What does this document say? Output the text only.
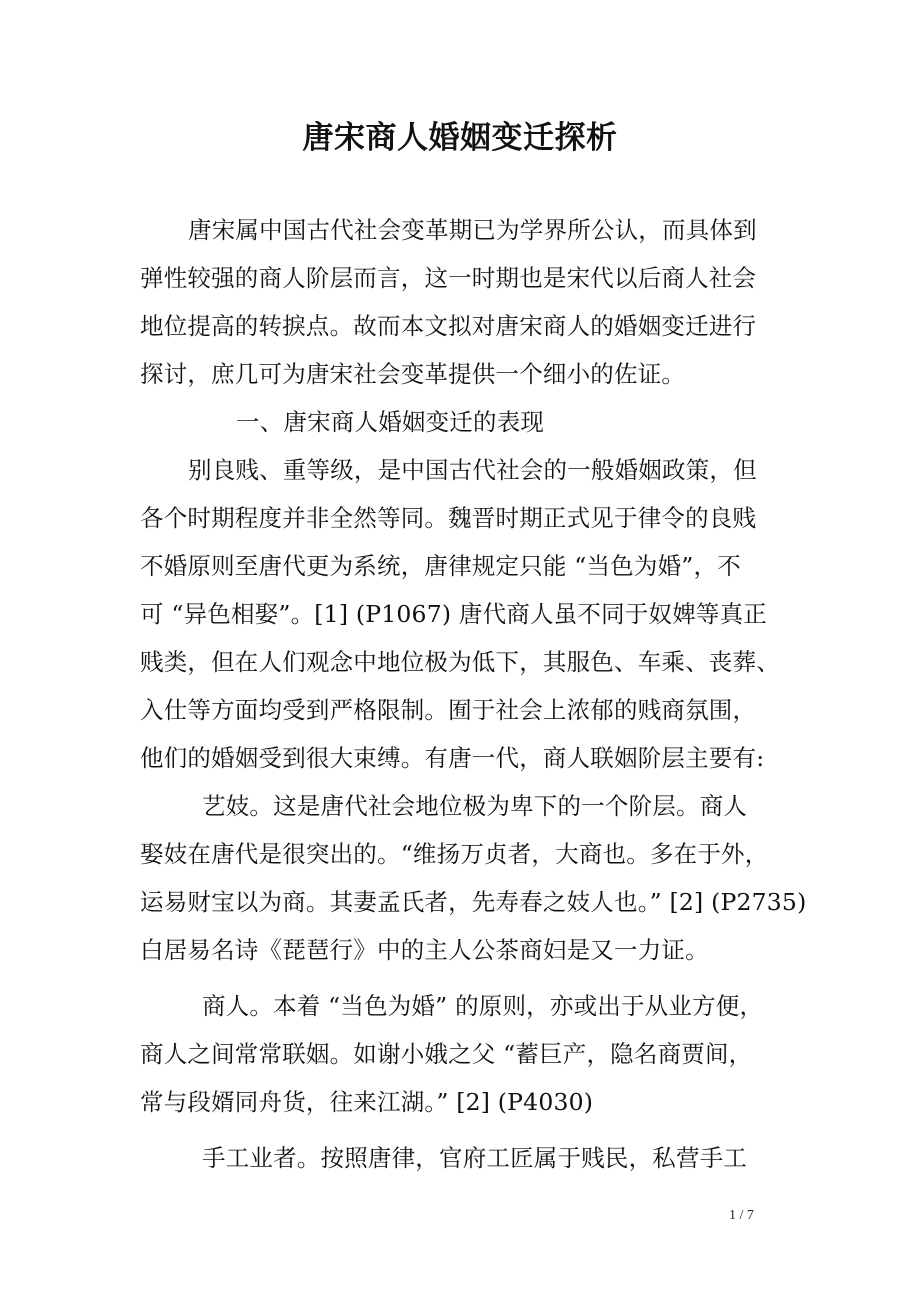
唐宋商人婚姻变迁探析
唐宋属中国古代社会变革期已为学界所公认，而具体到
弹性较强的商人阶层而言，这一时期也是宋代以后商人社会
地位提高的转捩点。故而本文拟对唐宋商人的婚姻变迁进行
探讨，庶几可为唐宋社会变革提供一个细小的佐证。
一、唐宋商人婚姻变迁的表现
别良贱、重等级，是中国古代社会的一般婚姻政策，但
各个时期程度并非全然等同。魏晋时期正式见于律令的良贱
不婚原则至唐代更为系统，唐律规定只能 “当色为婚”，不
可 “异色相娶”。[1] (P1067) 唐代商人虽不同于奴婢等真正
贱类，但在人们观念中地位极为低下，其服色、车乘、丧葬、
入仕等方面均受到严格限制。囿于社会上浓郁的贱商氛围，
他们的婚姻受到很大束缚。有唐一代，商人联姻阶层主要有:
艺妓。这是唐代社会地位极为卑下的一个阶层。商人
娶妓在唐代是很突出的。“维扬万贞者，大商也。多在于外，
运易财宝以为商。其妻孟氏者，先寿春之妓人也。” [2] (P2735)
白居易名诗《琵琶行》中的主人公茶商妇是又一力证。
商人。本着 “当色为婚” 的原则，亦或出于从业方便，
商人之间常常联姻。如谢小娥之父 “蓄巨产，隐名商贾间，
常与段婿同舟货，往来江湖。” [2] (P4030)
手工业者。按照唐律，官府工匠属于贱民，私营手工
1 / 7
